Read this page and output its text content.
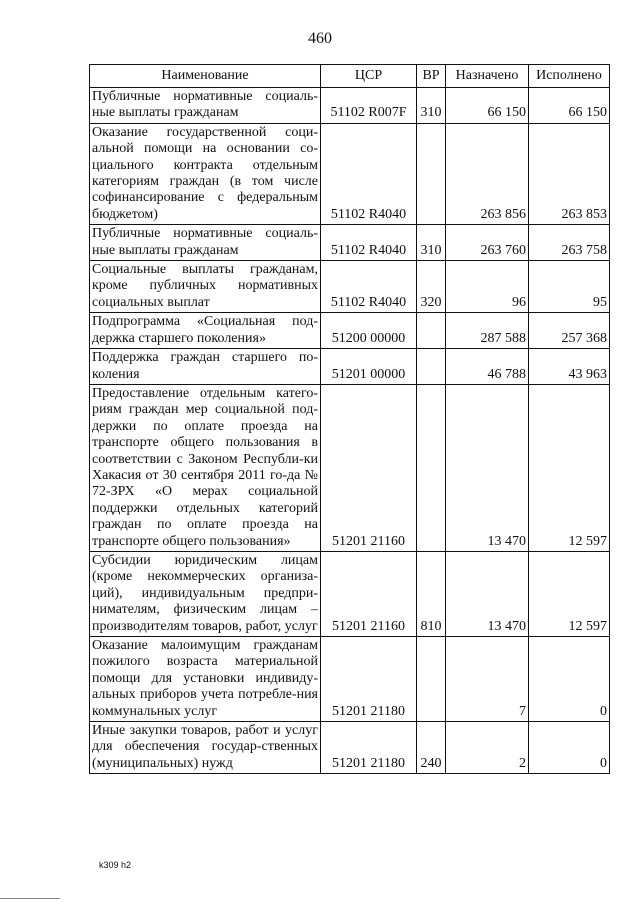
460
Наименование	ЦСР	ВР	Назначено	Исполнено
Публичные нормативные социаль-ные выплаты гражданам	51102 R007F	310	66 150	66 150
Оказание государственной соци-альной помощи на основании со-циального контракта отдельным категориям граждан (в том числе софинансирование с федеральным бюджетом)	51102 R4040		263 856	263 853
Публичные нормативные социаль-ные выплаты гражданам	51102 R4040	310	263 760	263 758
Социальные выплаты гражданам, кроме публичных нормативных социальных выплат	51102 R4040	320	96	95
Подпрограмма «Социальная под-держка старшего поколения»	51200 00000		287 588	257 368
Поддержка граждан старшего по-коления	51201 00000		46 788	43 963
Предоставление отдельным катего-риям граждан мер социальной под-держки по оплате проезда на транспорте общего пользования в соответствии с Законом Республи-ки Хакасия от 30 сентября 2011 го-да № 72-ЗРХ «О мерах социальной поддержки отдельных категорий граждан по оплате проезда на транспорте общего пользования»	51201 21160		13 470	12 597
Субсидии юридическим лицам (кроме некоммерческих организа-ций), индивидуальным предпри-нимателям, физическим лицам – производителям товаров, работ, услуг	51201 21160	810	13 470	12 597
Оказание малоимущим гражданам пожилого возраста материальной помощи для установки индивиду-альных приборов учета потребле-ния коммунальных услуг	51201 21180		7	0
Иные закупки товаров, работ и услуг для обеспечения государ-ственных (муниципальных) нужд	51201 21180	240	2	0
k309 h2
